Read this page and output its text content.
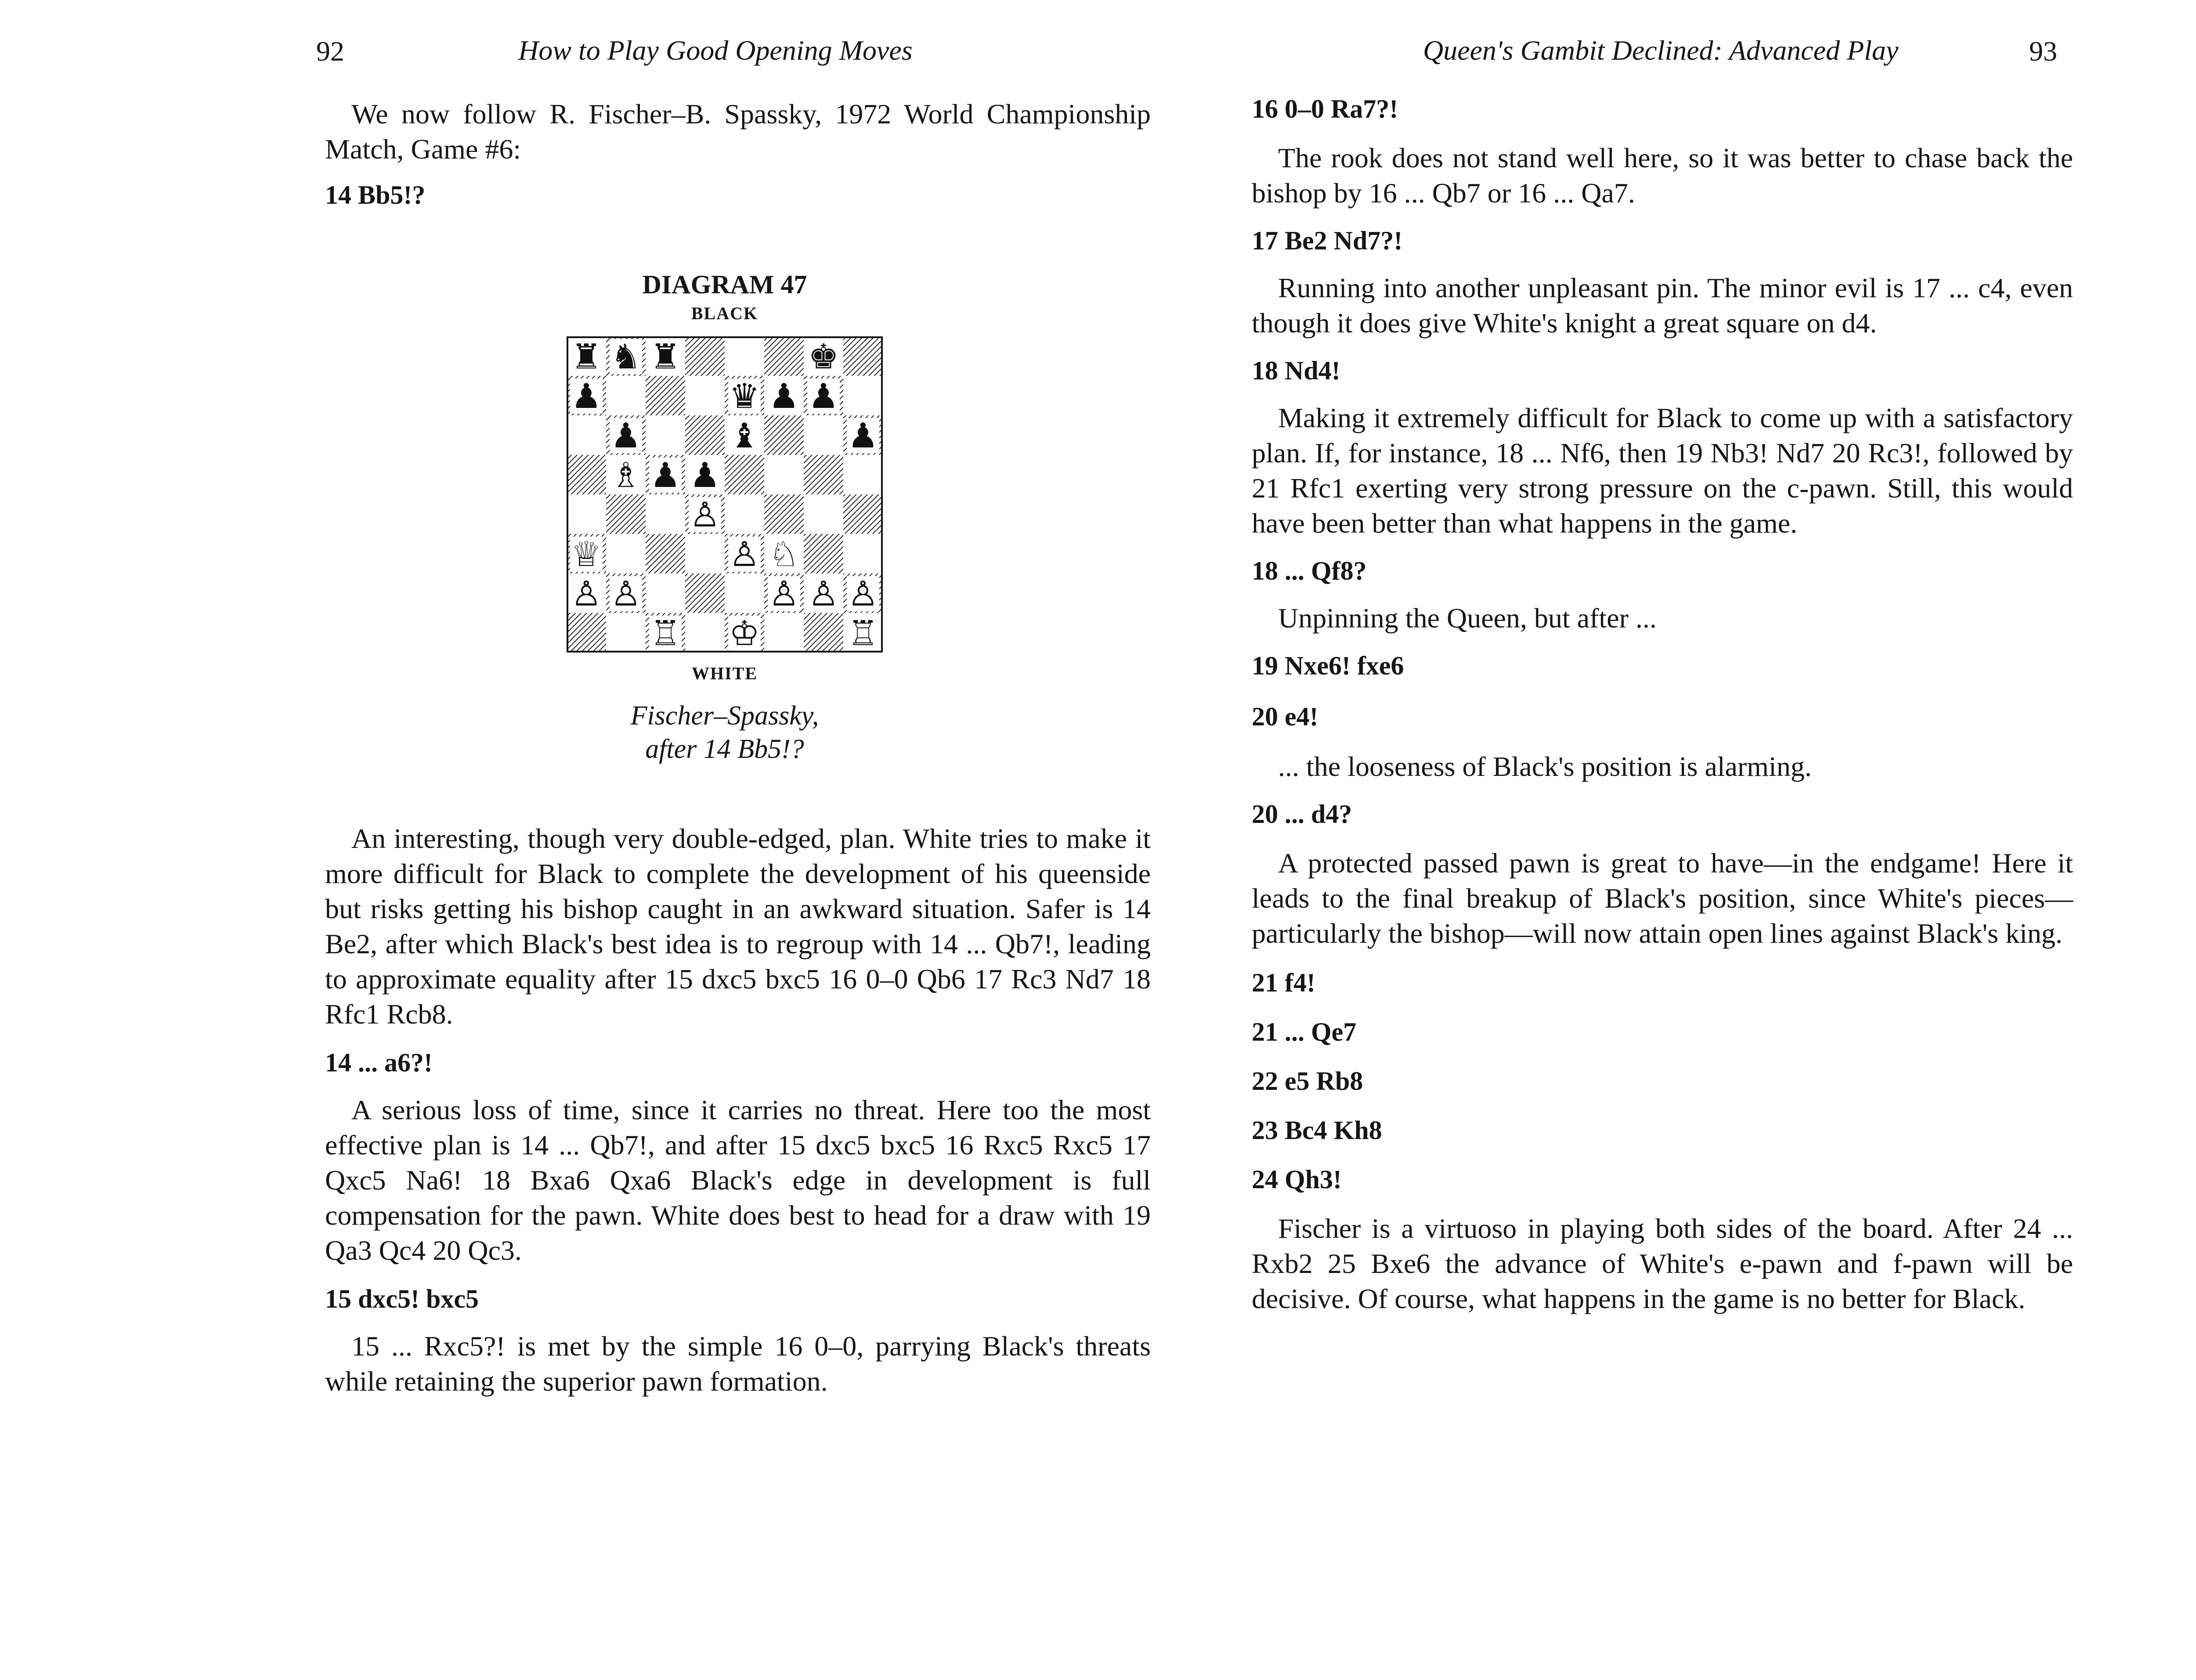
92	How to Play Good Opening Moves

We now follow R. Fischer–B. Spassky, 1972 World Championship Match, Game #6:

14 Bb5!?

DIAGRAM 47
BLACK
♜ ♞ ♜	♚
♟	♛ ♟ ♟
♟	♝	♟
♗ ♟ ♟
♙
♕	♙ ♘
♙ ♙	♙ ♙ ♙
♖ ♔	♖
WHITE
Fischer–Spassky,
after 14 Bb5!?

An interesting, though very double-edged, plan. White tries to make it more difficult for Black to complete the development of his queenside but risks getting his bishop caught in an awkward situation. Safer is 14 Be2, after which Black's best idea is to regroup with 14 ... Qb7!, leading to approximate equality after 15 dxc5 bxc5 16 0–0 Qb6 17 Rc3 Nd7 18 Rfc1 Rcb8.

14 ... a6?!

A serious loss of time, since it carries no threat. Here too the most effective plan is 14 ... Qb7!, and after 15 dxc5 bxc5 16 Rxc5 Rxc5 17 Qxc5 Na6! 18 Bxa6 Qxa6 Black's edge in development is full compensation for the pawn. White does best to head for a draw with 19 Qa3 Qc4 20 Qc3.

15 dxc5! bxc5

15 ... Rxc5?! is met by the simple 16 0–0, parrying Black's threats while retaining the superior pawn formation.

Queen's Gambit Declined: Advanced Play	93

16 0–0 Ra7?!

The rook does not stand well here, so it was better to chase back the bishop by 16 ... Qb7 or 16 ... Qa7.

17 Be2 Nd7?!

Running into another unpleasant pin. The minor evil is 17 ... c4, even though it does give White's knight a great square on d4.

18 Nd4!

Making it extremely difficult for Black to come up with a satisfactory plan. If, for instance, 18 ... Nf6, then 19 Nb3! Nd7 20 Rc3!, followed by 21 Rfc1 exerting very strong pressure on the c-pawn. Still, this would have been better than what happens in the game.

18 ... Qf8?

Unpinning the Queen, but after ...

19 Nxe6! fxe6

20 e4!

... the looseness of Black's position is alarming.

20 ... d4?

A protected passed pawn is great to have—in the endgame! Here it leads to the final breakup of Black's position, since White's pieces—particularly the bishop—will now attain open lines against Black's king.

21 f4!

21 ... Qe7

22 e5 Rb8

23 Bc4 Kh8

24 Qh3!

Fischer is a virtuoso in playing both sides of the board. After 24 ... Rxb2 25 Bxe6 the advance of White's e-pawn and f-pawn will be decisive. Of course, what happens in the game is no better for Black.
